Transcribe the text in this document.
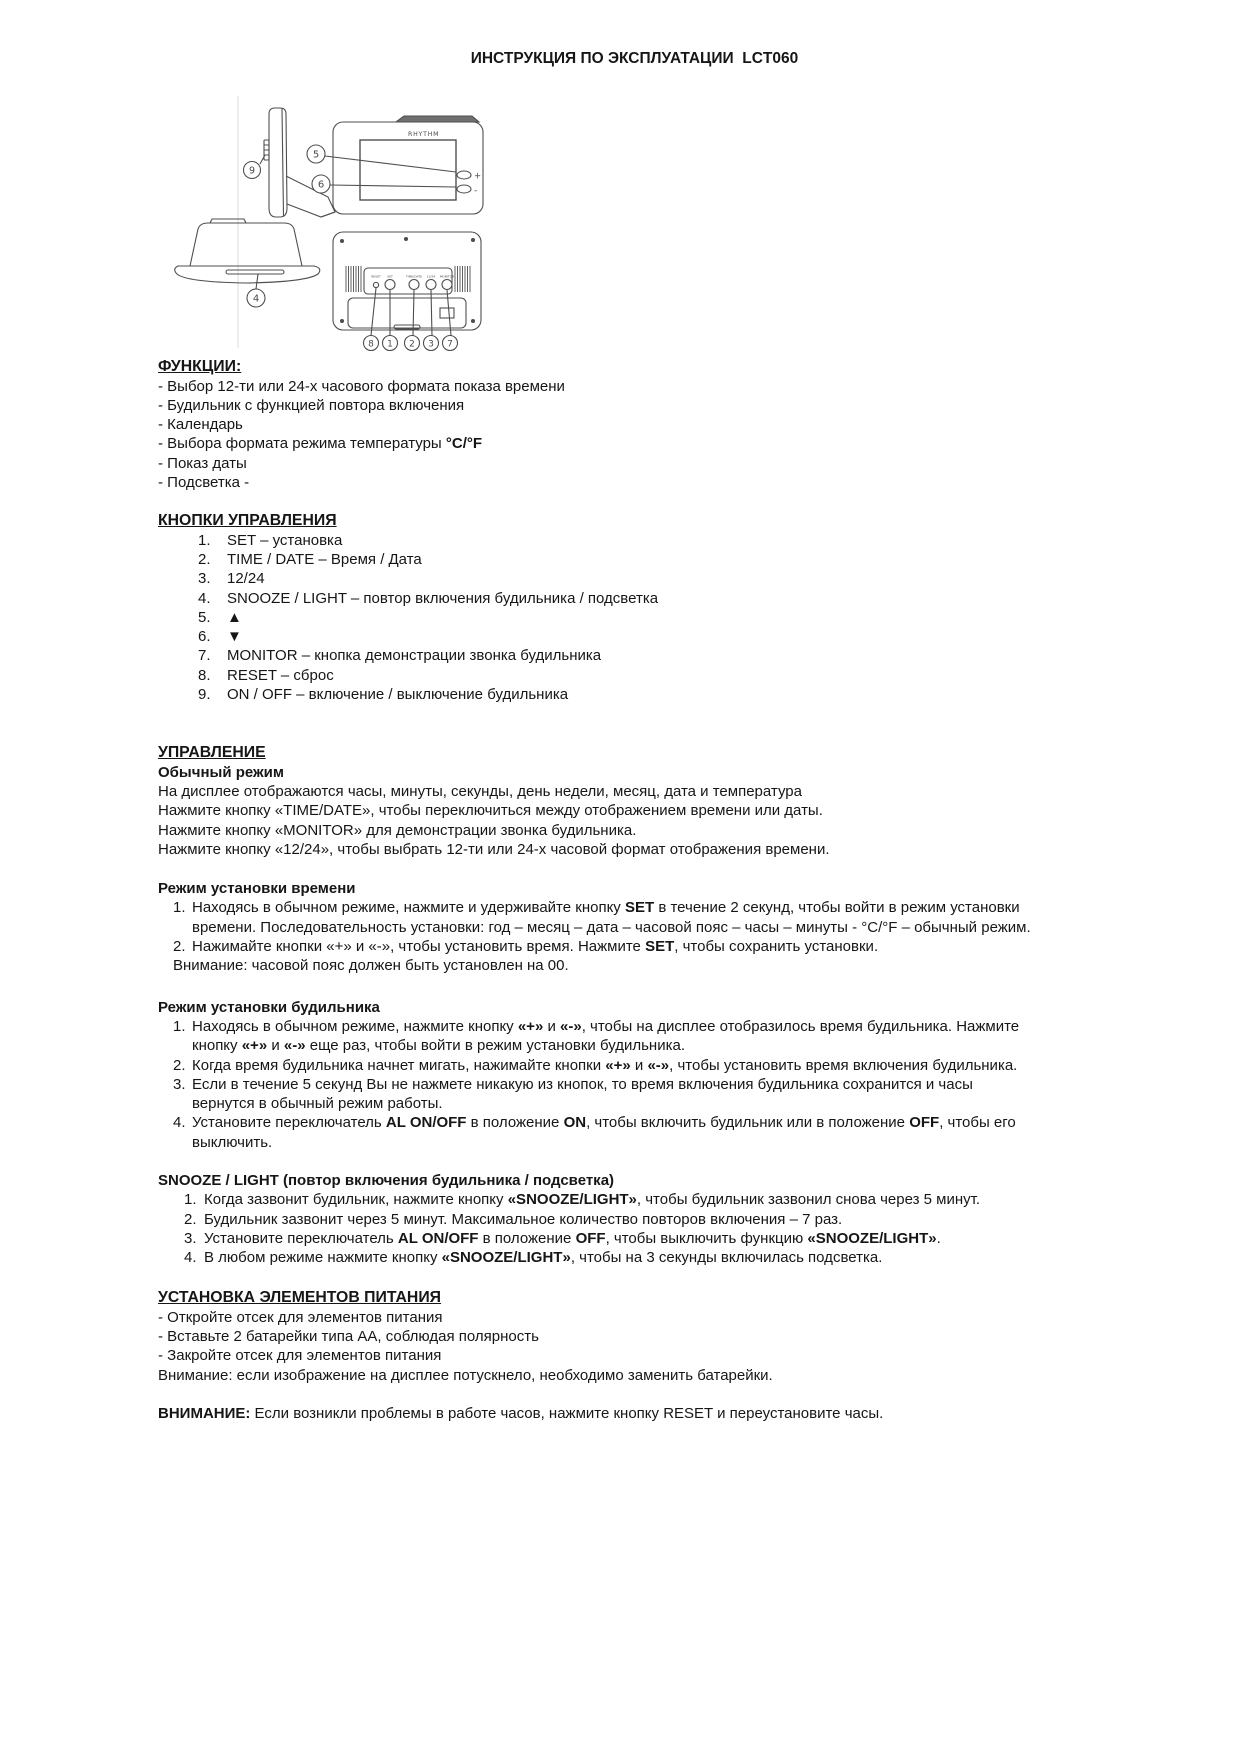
ИНСТРУКЦИЯ ПО ЭКСПЛУАТАЦИИ  LCT060
RHYTHM
+
-
RESET SET	TIME/DATE 12/24 MONITOR
9
5
6
4
8 1 2 3 7
ФУНКЦИИ:
- Выбор 12-ти или 24-х часового формата показа времени
- Будильник с функцией повтора включения
- Календарь
- Выбора формата режима температуры °C/°F
- Показ даты
- Подсветка -
КНОПКИ УПРАВЛЕНИЯ
1.	SET – установка
2.	TIME / DATE – Время / Дата
3.	12/24
4.	SNOOZE / LIGHT – повтор включения будильника / подсветка
5.	▲
6.	▼
7.	MONITOR – кнопка демонстрации звонка будильника
8.	RESET – сброс
9.	ON / OFF – включение / выключение будильника
УПРАВЛЕНИЕ
Обычный режим
На дисплее отображаются часы, минуты, секунды, день недели, месяц, дата и температура
Нажмите кнопку «TIME/DATE», чтобы переключиться между отображением времени или даты.
Нажмите кнопку «MONITOR» для демонстрации звонка будильника.
Нажмите кнопку «12/24», чтобы выбрать 12-ти или 24-х часовой формат отображения времени.
Режим установки времени
1. Находясь в обычном режиме, нажмите и удерживайте кнопку SET в течение 2 секунд, чтобы войти в режим установки
времени. Последовательность установки: год – месяц – дата – часовой пояс – часы – минуты - °C/°F – обычный режим.
2. Нажимайте кнопки «+» и «-», чтобы установить время. Нажмите SET, чтобы сохранить установки.
Внимание: часовой пояс должен быть установлен на 00.
Режим установки будильника
1. Находясь в обычном режиме, нажмите кнопку «+» и «-», чтобы на дисплее отобразилось время будильника. Нажмите
кнопку «+» и «-» еще раз, чтобы войти в режим установки будильника.
2. Когда время будильника начнет мигать, нажимайте кнопки «+» и «-», чтобы установить время включения будильника.
3. Если в течение 5 секунд Вы не нажмете никакую из кнопок, то время включения будильника сохранится и часы
вернутся в обычный режим работы.
4. Установите переключатель AL ON/OFF в положение ON, чтобы включить будильник или в положение OFF, чтобы его
выключить.
SNOOZE / LIGHT (повтор включения будильника / подсветка)
1. Когда зазвонит будильник, нажмите кнопку «SNOOZE/LIGHT», чтобы будильник зазвонил снова через 5 минут.
2. Будильник зазвонит через 5 минут. Максимальное количество повторов включения – 7 раз.
3. Установите переключатель AL ON/OFF в положение OFF, чтобы выключить функцию «SNOOZE/LIGHT».
4. В любом режиме нажмите кнопку «SNOOZE/LIGHT», чтобы на 3 секунды включилась подсветка.
УСТАНОВКА ЭЛЕМЕНТОВ ПИТАНИЯ
- Откройте отсек для элементов питания
- Вставьте 2 батарейки типа АА, соблюдая полярность
- Закройте отсек для элементов питания
Внимание: если изображение на дисплее потускнело, необходимо заменить батарейки.
ВНИМАНИЕ: Если возникли проблемы в работе часов, нажмите кнопку RESET и переустановите часы.
